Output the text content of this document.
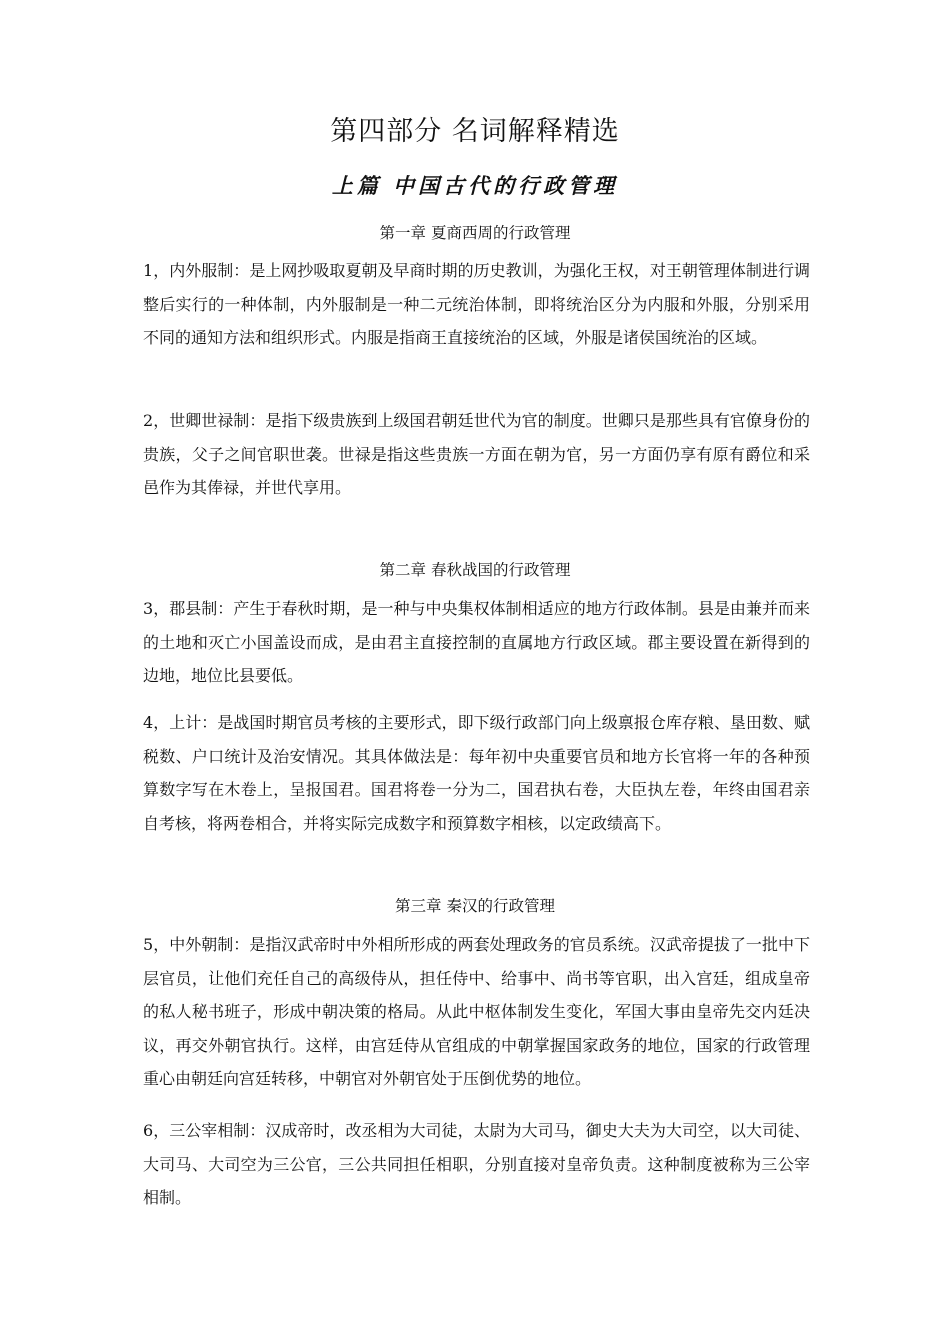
第四部分 名词解释精选
上篇 中国古代的行政管理
第一章 夏商西周的行政管理
1，内外服制：是上网抄吸取夏朝及早商时期的历史教训，为强化王权，对王朝管理体制进行调整后实行的一种体制，内外服制是一种二元统治体制，即将统治区分为内服和外服，分别采用不同的通知方法和组织形式。内服是指商王直接统治的区域，外服是诸侯国统治的区域。
2，世卿世禄制：是指下级贵族到上级国君朝廷世代为官的制度。世卿只是那些具有官僚身份的贵族，父子之间官职世袭。世禄是指这些贵族一方面在朝为官，另一方面仍享有原有爵位和采邑作为其俸禄，并世代享用。
第二章 春秋战国的行政管理
3，郡县制：产生于春秋时期，是一种与中央集权体制相适应的地方行政体制。县是由兼并而来的土地和灭亡小国盖设而成，是由君主直接控制的直属地方行政区域。郡主要设置在新得到的边地，地位比县要低。
4，上计：是战国时期官员考核的主要形式，即下级行政部门向上级禀报仓库存粮、垦田数、赋税数、户口统计及治安情况。其具体做法是：每年初中央重要官员和地方长官将一年的各种预算数字写在木卷上，呈报国君。国君将卷一分为二，国君执右卷，大臣执左卷，年终由国君亲自考核，将两卷相合，并将实际完成数字和预算数字相核，以定政绩高下。
第三章 秦汉的行政管理
5，中外朝制：是指汉武帝时中外相所形成的两套处理政务的官员系统。汉武帝提拔了一批中下层官员，让他们充任自己的高级侍从，担任侍中、给事中、尚书等官职，出入宫廷，组成皇帝的私人秘书班子，形成中朝决策的格局。从此中枢体制发生变化，军国大事由皇帝先交内廷决议，再交外朝官执行。这样，由宫廷侍从官组成的中朝掌握国家政务的地位，国家的行政管理重心由朝廷向宫廷转移，中朝官对外朝官处于压倒优势的地位。
6，三公宰相制：汉成帝时，改丞相为大司徒，太尉为大司马，御史大夫为大司空，以大司徒、大司马、大司空为三公官，三公共同担任相职，分别直接对皇帝负责。这种制度被称为三公宰相制。
